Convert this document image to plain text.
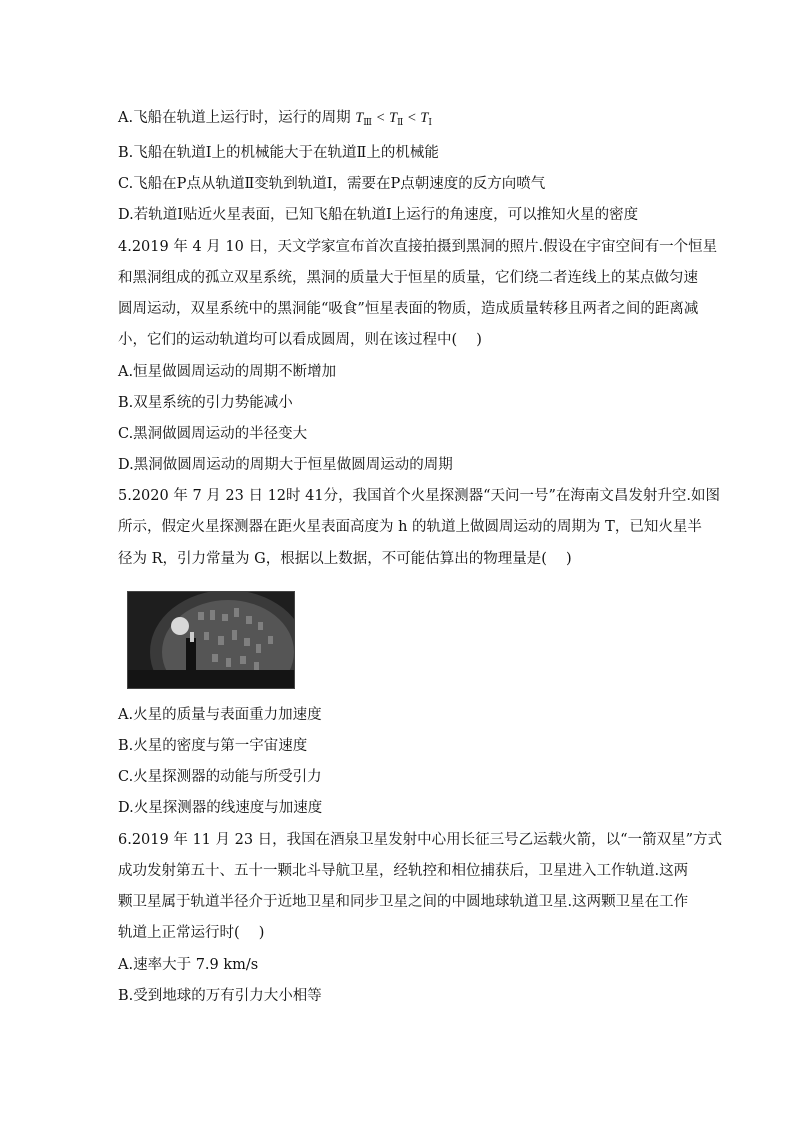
A.飞船在轨道上运行时，运行的周期 $T_Ⅲ < T_Ⅱ < T_Ⅰ$
B.飞船在轨道Ⅰ上的机械能大于在轨道Ⅱ上的机械能
C.飞船在P点从轨道Ⅱ变轨到轨道Ⅰ，需要在P点朝速度的反方向喷气
D.若轨道Ⅰ贴近火星表面，已知飞船在轨道Ⅰ上运行的角速度，可以推知火星的密度
4.2019 年 4 月 10 日，天文学家宣布首次直接拍摄到黑洞的照片.假设在宇宙空间有一个恒星
和黑洞组成的孤立双星系统，黑洞的质量大于恒星的质量，它们绕二者连线上的某点做匀速
圆周运动，双星系统中的黑洞能“吸食”恒星表面的物质，造成质量转移且两者之间的距离减
小，它们的运动轨道均可以看成圆周，则在该过程中(　 )
A.恒星做圆周运动的周期不断增加
B.双星系统的引力势能减小
C.黑洞做圆周运动的半径变大
D.黑洞做圆周运动的周期大于恒星做圆周运动的周期
5.2020 年 7 月 23 日 12时 41分，我国首个火星探测器“天问一号”在海南文昌发射升空.如图
所示，假定火星探测器在距火星表面高度为 h 的轨道上做圆周运动的周期为 T，已知火星半
径为 R，引力常量为 G，根据以上数据，不可能估算出的物理量是(　 )
A.火星的质量与表面重力加速度
B.火星的密度与第一宇宙速度
C.火星探测器的动能与所受引力
D.火星探测器的线速度与加速度
6.2019 年 11 月 23 日，我国在酒泉卫星发射中心用长征三号乙运载火箭，以“一箭双星”方式
成功发射第五十、五十一颗北斗导航卫星，经轨控和相位捕获后，卫星进入工作轨道.这两
颗卫星属于轨道半径介于近地卫星和同步卫星之间的中圆地球轨道卫星.这两颗卫星在工作
轨道上正常运行时(　 )
A.速率大于 7.9 km/s
B.受到地球的万有引力大小相等
